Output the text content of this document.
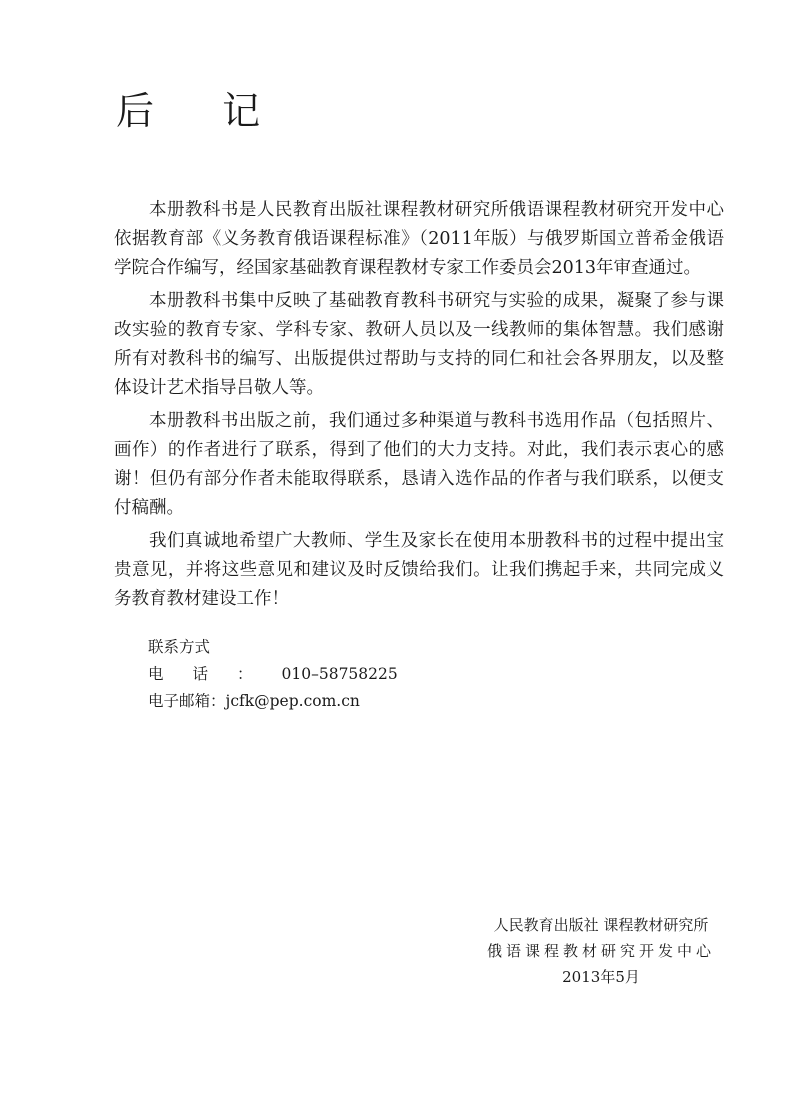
后 记

本册教科书是人民教育出版社课程教材研究所俄语课程教材研究开发中心依据教育部《义务教育俄语课程标准》（2011年版）与俄罗斯国立普希金俄语学院合作编写，经国家基础教育课程教材专家工作委员会2013年审查通过。

本册教科书集中反映了基础教育教科书研究与实验的成果，凝聚了参与课改实验的教育专家、学科专家、教研人员以及一线教师的集体智慧。我们感谢所有对教科书的编写、出版提供过帮助与支持的同仁和社会各界朋友，以及整体设计艺术指导吕敬人等。

本册教科书出版之前，我们通过多种渠道与教科书选用作品（包括照片、画作）的作者进行了联系，得到了他们的大力支持。对此，我们表示衷心的感谢！但仍有部分作者未能取得联系，恳请入选作品的作者与我们联系，以便支付稿酬。

我们真诚地希望广大教师、学生及家长在使用本册教科书的过程中提出宝贵意见，并将这些意见和建议及时反馈给我们。让我们携起手来，共同完成义务教育教材建设工作！

联系方式
电话：010–58758225
电子邮箱：jcfk@pep.com.cn
人民教育出版社 课程教材研究所
俄语课程教材研究开发中心
2013年5月
